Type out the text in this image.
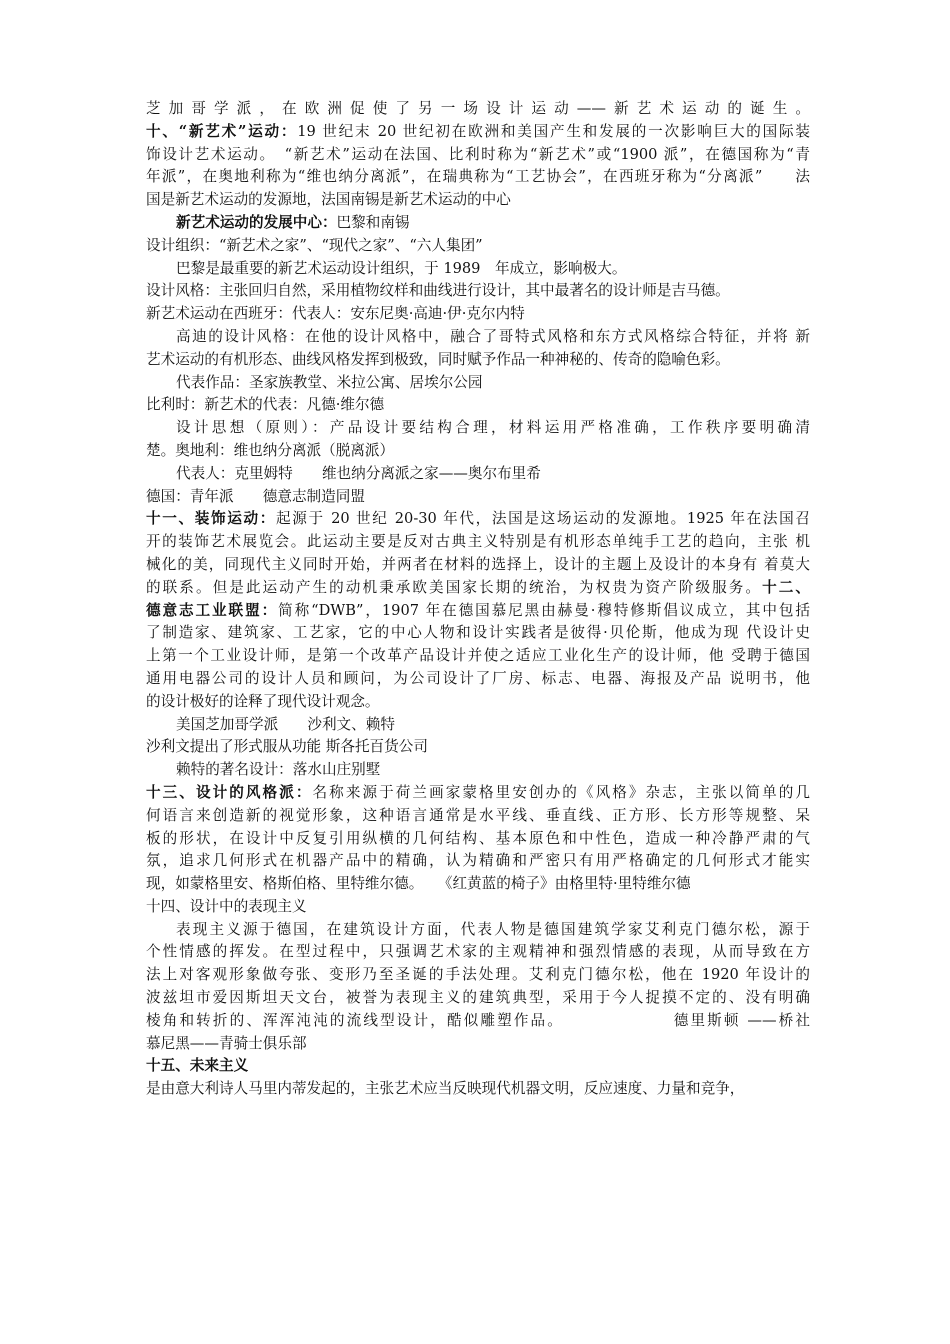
芝加哥学派，在欧洲促使了另一场设计运动——新艺术运动的诞生。
十、“新艺术”运动：19 世纪末 20 世纪初在欧洲和美国产生和发展的一次影响巨大的国际装
饰设计艺术运动。　“新艺术”运动在法国、比利时称为“新艺术”或“1900 派”，在德国称为“青
年派”，在奥地利称为“维也纳分离派”，在瑞典称为“工艺协会”，在西班牙称为“分离派”　　法
国是新艺术运动的发源地，法国南锡是新艺术运动的中心
新艺术运动的发展中心：巴黎和南锡
设计组织：“新艺术之家”、“现代之家”、“六人集团”
巴黎是最重要的新艺术运动设计组织，于 1989　年成立，影响极大。
设计风格：主张回归自然，采用植物纹样和曲线进行设计，其中最著名的设计师是吉马德。
新艺术运动在西班牙：代表人：安东尼奥·高迪·伊·克尔内特
高迪的设计风格：在他的设计风格中，融合了哥特式风格和东方式风格综合特征，并将 新
艺术运动的有机形态、曲线风格发挥到极致，同时赋予作品一种神秘的、传奇的隐喻色彩。
代表作品：圣家族教堂、米拉公寓、居埃尔公园
比利时：新艺术的代表：凡德·维尔德
设计思想（原则）：产品设计要结构合理，材料运用严格准确，工作秩序要明确清
楚。奥地利：维也纳分离派（脱离派）
代表人：克里姆特　　维也纳分离派之家——奥尔布里希
德国：青年派　　德意志制造同盟
十一、装饰运动：起源于 20 世纪 20-30 年代，法国是这场运动的发源地。1925 年在法国召
开的装饰艺术展览会。此运动主要是反对古典主义特别是有机形态单纯手工艺的趋向，主张 机
械化的美，同现代主义同时开始，并两者在材料的选择上，设计的主题上及设计的本身有 着莫大
的联系。但是此运动产生的动机秉承欧美国家长期的统治，为权贵为资产阶级服务。十二、
德意志工业联盟：简称“DWB”，1907 年在德国慕尼黑由赫曼·穆特修斯倡议成立，其中包括
了制造家、建筑家、工艺家，它的中心人物和设计实践者是彼得·贝伦斯，他成为现 代设计史
上第一个工业设计师，是第一个改革产品设计并使之适应工业化生产的设计师，他 受聘于德国
通用电器公司的设计人员和顾问，为公司设计了厂房、标志、电器、海报及产品 说明书，他
的设计极好的诠释了现代设计观念。
美国芝加哥学派　　沙利文、赖特
沙利文提出了形式服从功能 斯各托百货公司
赖特的著名设计：落水山庄别墅
十三、设计的风格派：名称来源于荷兰画家蒙格里安创办的《风格》杂志，主张以简单的几
何语言来创造新的视觉形象，这种语言通常是水平线、垂直线、正方形、长方形等规整、呆
板的形状，在设计中反复引用纵横的几何结构、基本原色和中性色，造成一种冷静严肃的气
氛，追求几何形式在机器产品中的精确，认为精确和严密只有用严格确定的几何形式才能实
现，如蒙格里安、格斯伯格、里特维尔德。　　《红黄蓝的椅子》由格里特·里特维尔德
十四、设计中的表现主义
表现主义源于德国，在建筑设计方面，代表人物是德国建筑学家艾利克门德尔松，源于
个性情感的挥发。在型过程中，只强调艺术家的主观精神和强烈情感的表现，从而导致在方
法上对客观形象做夸张、变形乃至圣诞的手法处理。艾利克门德尔松，他在 1920 年设计的
波兹坦市爱因斯坦天文台，被誉为表现主义的建筑典型，采用于今人捉摸不定的、没有明确
棱角和转折的、浑浑沌沌的流线型设计，酷似雕塑作品。　　　　　　　德里斯顿 ——桥社
慕尼黑——青骑士俱乐部
十五、未来主义
是由意大利诗人马里内蒂发起的，主张艺术应当反映现代机器文明，反应速度、力量和竞争，
